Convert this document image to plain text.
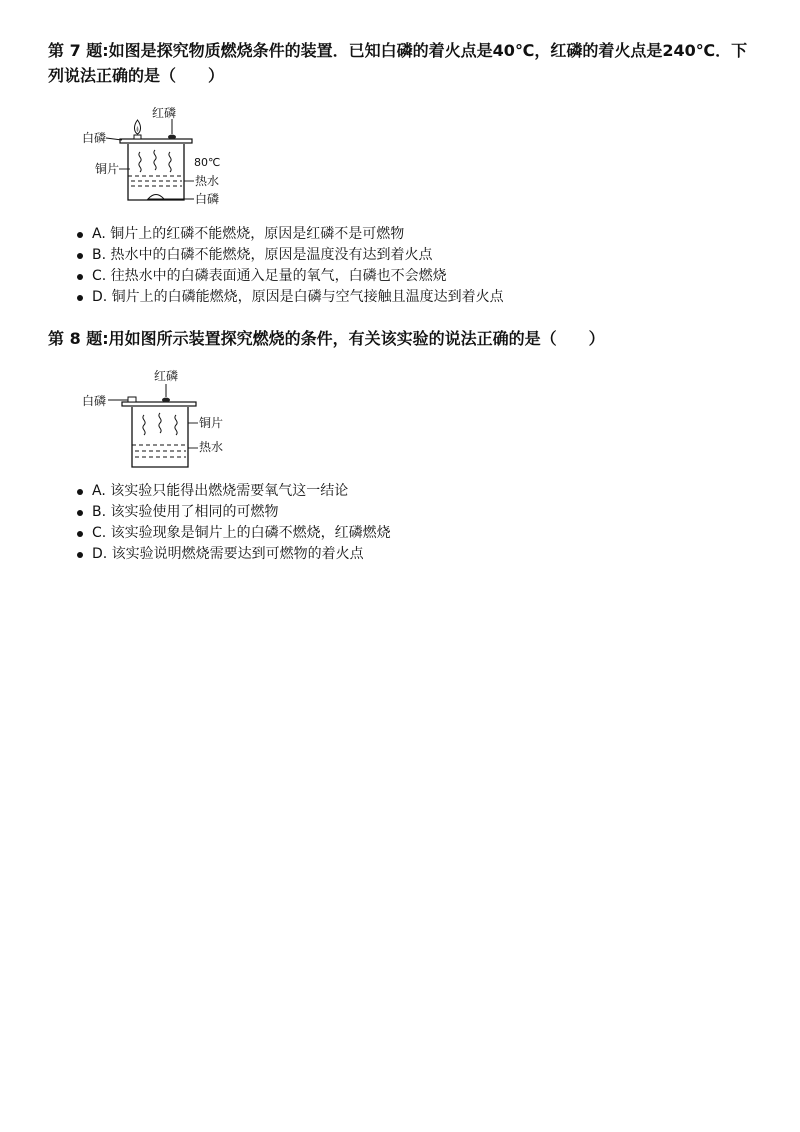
第 7 题:如图是探究物质燃烧条件的装置．已知白磷的着火点是40℃，红磷的着火点是240℃．下列说法正确的是（　　）

红磷
白磷
铜片	80℃
热水
白磷
A. 铜片上的红磷不能燃烧，原因是红磷不是可燃物
B. 热水中的白磷不能燃烧，原因是温度没有达到着火点
C. 往热水中的白磷表面通入足量的氧气，白磷也不会燃烧
D. 铜片上的白磷能燃烧，原因是白磷与空气接触且温度达到着火点

第 8 题:用如图所示装置探究燃烧的条件，有关该实验的说法正确的是（　　）

红磷
白磷
铜片
热水
A. 该实验只能得出燃烧需要氧气这一结论
B. 该实验使用了相同的可燃物
C. 该实验现象是铜片上的白磷不燃烧，红磷燃烧
D. 该实验说明燃烧需要达到可燃物的着火点
